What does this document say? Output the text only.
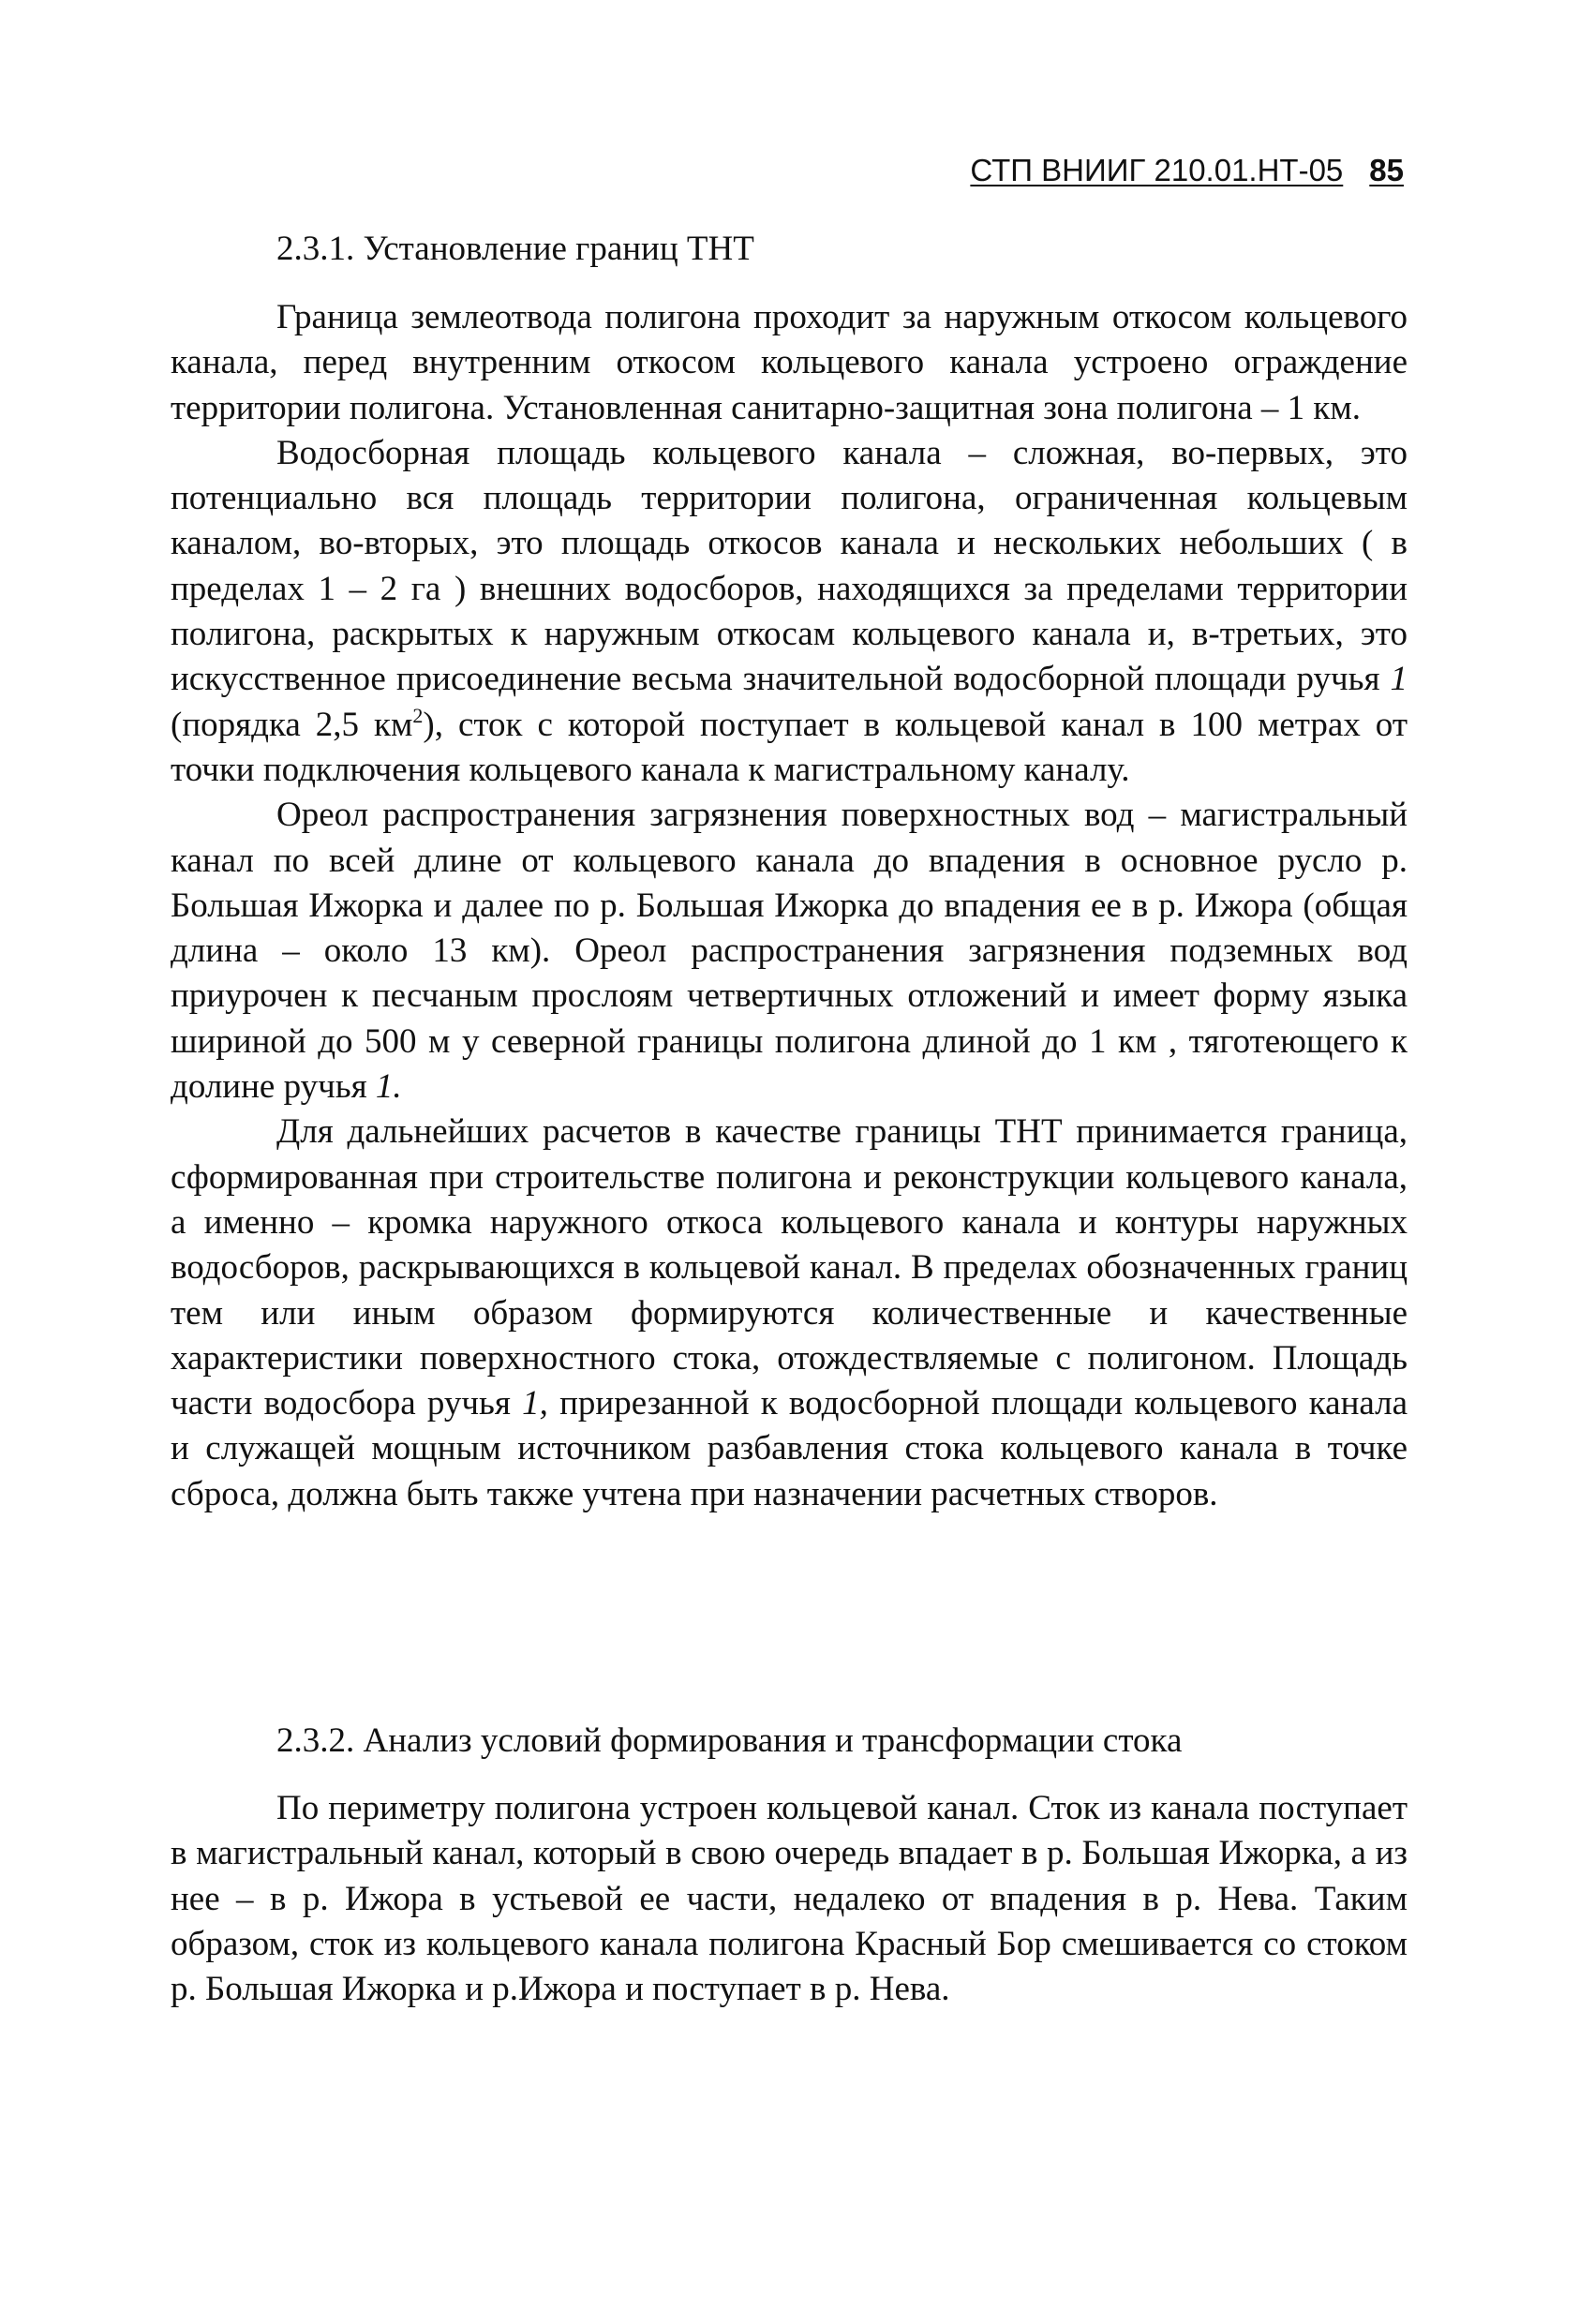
СТП ВНИИГ 210.01.НТ-05 85
2.3.1. Установление границ ТНТ

Граница землеотвода полигона проходит за наружным откосом кольцевого канала, перед внутренним откосом кольцевого канала устроено ограждение территории полигона. Установленная санитарно-защитная зона полигона – 1 км.

Водосборная площадь кольцевого канала – сложная, во-первых, это потенциально вся площадь территории полигона, ограниченная кольцевым каналом, во-вторых, это площадь откосов канала и нескольких небольших ( в пределах 1 – 2 га ) внешних водосборов, находящихся за пределами территории полигона, раскрытых к наружным откосам кольцевого канала и, в-третьих, это искусственное присоединение весьма значительной водосборной площади ручья 1 (порядка 2,5 $км^2$), сток с которой поступает в кольцевой канал в 100 метрах от точки подключения кольцевого канала к магистральному каналу.

Ореол распространения загрязнения поверхностных вод – магистральный канал по всей длине от кольцевого канала до впадения в основное русло р. Большая Ижорка и далее по р. Большая Ижорка до впадения ее в р. Ижора (общая длина – около 13 км). Ореол распространения загрязнения подземных вод приурочен к песчаным прослоям четвертичных отложений и имеет форму языка шириной до 500 м у северной границы полигона длиной до 1 км , тяготеющего к долине ручья 1.

Для дальнейших расчетов в качестве границы ТНТ принимается граница, сформированная при строительстве полигона и реконструкции кольцевого канала, а именно – кромка наружного откоса кольцевого канала и контуры наружных водосборов, раскрывающихся в кольцевой канал. В пределах обозначенных границ тем или иным образом формируются количественные и качественные характеристики поверхностного стока, отождествляемые с полигоном. Площадь части водосбора ручья 1, прирезанной к водосборной площади кольцевого канала и служащей мощным источником разбавления стока кольцевого канала в точке сброса, должна быть также учтена при назначении расчетных створов.

2.3.2. Анализ условий формирования и трансформации стока

По периметру полигона устроен кольцевой канал. Сток из канала поступает в магистральный канал, который в свою очередь впадает в р. Большая Ижорка, а из нее – в р. Ижора в устьевой ее части, недалеко от впадения в р. Нева. Таким образом, сток из кольцевого канала полигона Красный Бор смешивается со стоком р. Большая Ижорка и р.Ижора и поступает в р. Нева.
